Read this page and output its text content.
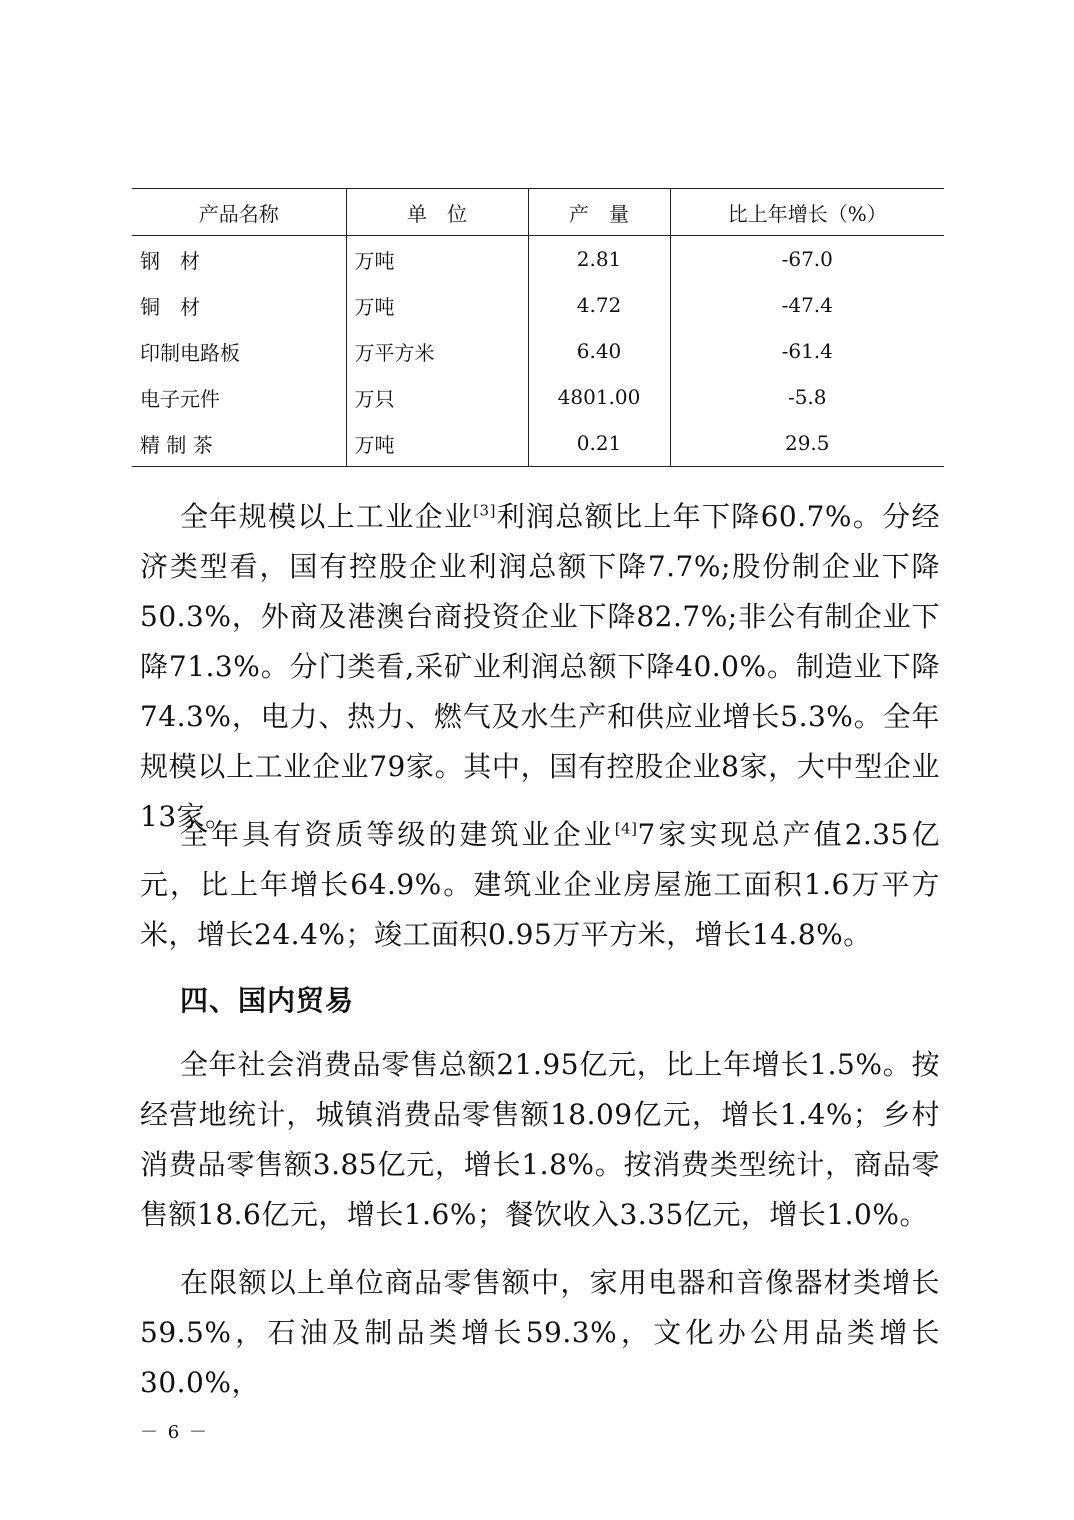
产品名称	单　位	产　量	比上年增长（%）
钢　材	万吨	2.81	-67.0
铜　材	万吨	4.72	-47.4
印制电路板	万平方米	6.40	-61.4
电子元件	万只	4801.00	-5.8
精 制 茶	万吨	0.21	29.5

全年规模以上工业企业[3]利润总额比上年下降60.7%。分经济类型看，国有控股企业利润总额下降7.7%;股份制企业下降50.3%，外商及港澳台商投资企业下降82.7%;非公有制企业下降71.3%。分门类看,采矿业利润总额下降40.0%。制造业下降74.3%，电力、热力、燃气及水生产和供应业增长5.3%。全年规模以上工业企业79家。其中，国有控股企业8家，大中型企业13家。

全年具有资质等级的建筑业企业[4]7家实现总产值2.35亿元，比上年增长64.9%。建筑业企业房屋施工面积1.6万平方米，增长24.4%；竣工面积0.95万平方米，增长14.8%。

四、国内贸易

全年社会消费品零售总额21.95亿元，比上年增长1.5%。按经营地统计，城镇消费品零售额18.09亿元，增长1.4%；乡村消费品零售额3.85亿元，增长1.8%。按消费类型统计，商品零售额18.6亿元，增长1.6%；餐饮收入3.35亿元，增长1.0%。

在限额以上单位商品零售额中，家用电器和音像器材类增长59.5%，石油及制品类增长59.3%，文化办公用品类增长30.0%，

－ 6 －
